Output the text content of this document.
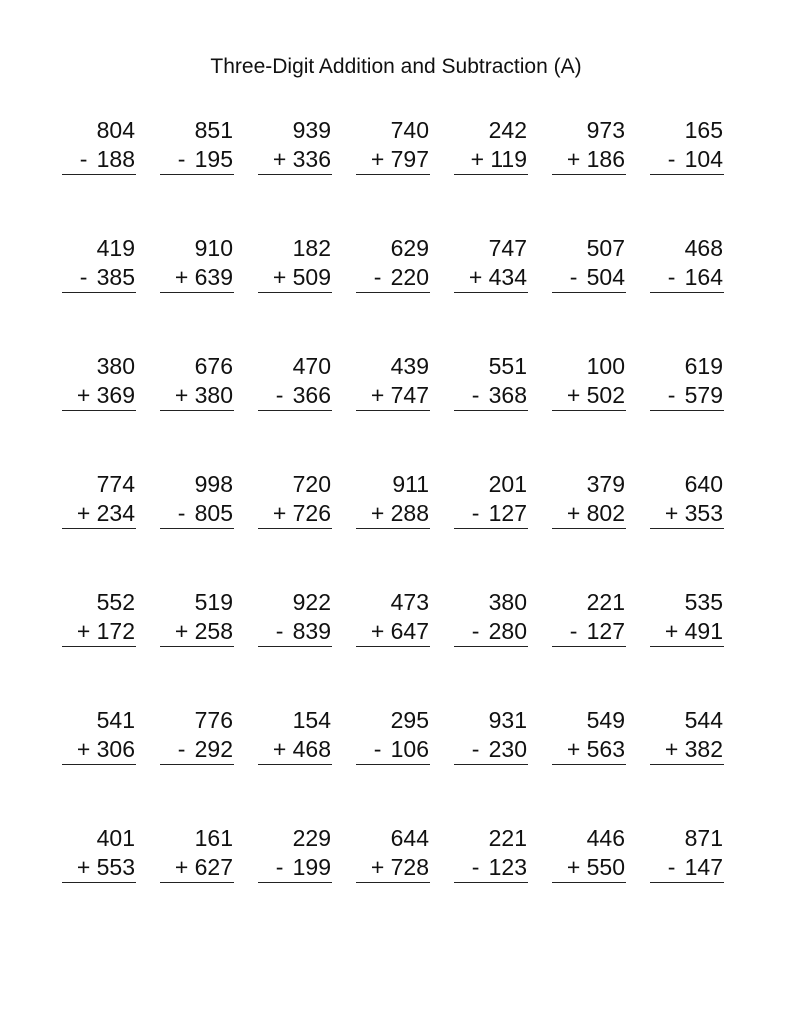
Three-Digit Addition and Subtraction (A)
804
- 188
851
- 195
939
+ 336
740
+ 797
242
+ 119
973
+ 186
165
- 104
419
- 385
910
+ 639
182
+ 509
629
- 220
747
+ 434
507
- 504
468
- 164
380
+ 369
676
+ 380
470
- 366
439
+ 747
551
- 368
100
+ 502
619
- 579
774
+ 234
998
- 805
720
+ 726
911
+ 288
201
- 127
379
+ 802
640
+ 353
552
+ 172
519
+ 258
922
- 839
473
+ 647
380
- 280
221
- 127
535
+ 491
541
+ 306
776
- 292
154
+ 468
295
- 106
931
- 230
549
+ 563
544
+ 382
401
+ 553
161
+ 627
229
- 199
644
+ 728
221
- 123
446
+ 550
871
- 147
